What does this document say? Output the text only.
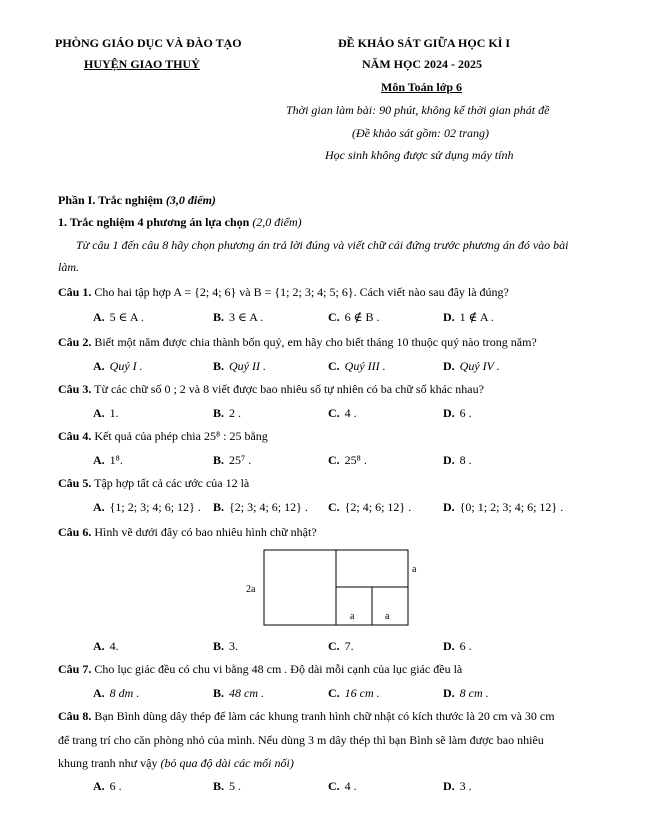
PHÒNG GIÁO DỤC VÀ ĐÀO TẠO
HUYỆN GIAO THUỶ
ĐỀ KHẢO SÁT GIỮA HỌC KÌ I
NĂM HỌC 2024 - 2025
Môn Toán lớp 6
Thời gian làm bài: 90 phút, không kể thời gian phát đề
(Đề khảo sát gồm: 02 trang)
Học sinh không được sử dụng máy tính
Phần I. Trắc nghiệm (3,0 điểm)
1. Trắc nghiệm 4 phương án lựa chọn (2,0 điểm)
Từ câu 1 đến câu 8 hãy chọn phương án trả lời đúng và viết chữ cái đứng trước phương án đó vào bài
làm.
Câu 1. Cho hai tập hợp A = {2; 4; 6} và B = {1; 2; 3; 4; 5; 6}. Cách viết nào sau đây là đúng?
A. 5 ∈ A .	B. 3 ∈ A .	C. 6 ∉ B .	D. 1 ∉ A .
Câu 2. Biết một năm được chia thành bốn quý, em hãy cho biết tháng 10 thuộc quý nào trong năm?
A. Quý I .	B. Quý II .	C. Quý III .	D. Quý IV .
Câu 3. Từ các chữ số 0 ; 2 và 8 viết được bao nhiêu số tự nhiên có ba chữ số khác nhau?
A. 1.	B. 2 .	C. 4 .	D. 6 .
Câu 4. Kết quả của phép chia 25⁸ : 25 bằng
A. 1⁸.	B. 25⁷ .	C. 25⁸ .	D. 8 .
Câu 5. Tập hợp tất cả các ước của 12 là
A. {1; 2; 3; 4; 6; 12} . B. {2; 3; 4; 6; 12} . C. {2; 4; 6; 12} .	D. {0; 1; 2; 3; 4; 6; 12} .
Câu 6. Hình vẽ dưới đây có bao nhiêu hình chữ nhật?
2a
a
a	a
A. 4.	B. 3.	C. 7.	D. 6 .
Câu 7. Cho lục giác đều có chu vi bằng 48 cm . Độ dài mỗi cạnh của lục giác đều là
A. 8 dm .	B. 48 cm .	C. 16 cm .	D. 8 cm .
Câu 8. Bạn Bình dùng dây thép để làm các khung tranh hình chữ nhật có kích thước là 20 cm và 30 cm
để trang trí cho căn phòng nhỏ của mình. Nếu dùng 3 m dây thép thì bạn Bình sẽ làm được bao nhiêu
khung tranh như vậy (bỏ qua độ dài các mối nối)
A. 6 .	B. 5 .	C. 4 .	D. 3 .
